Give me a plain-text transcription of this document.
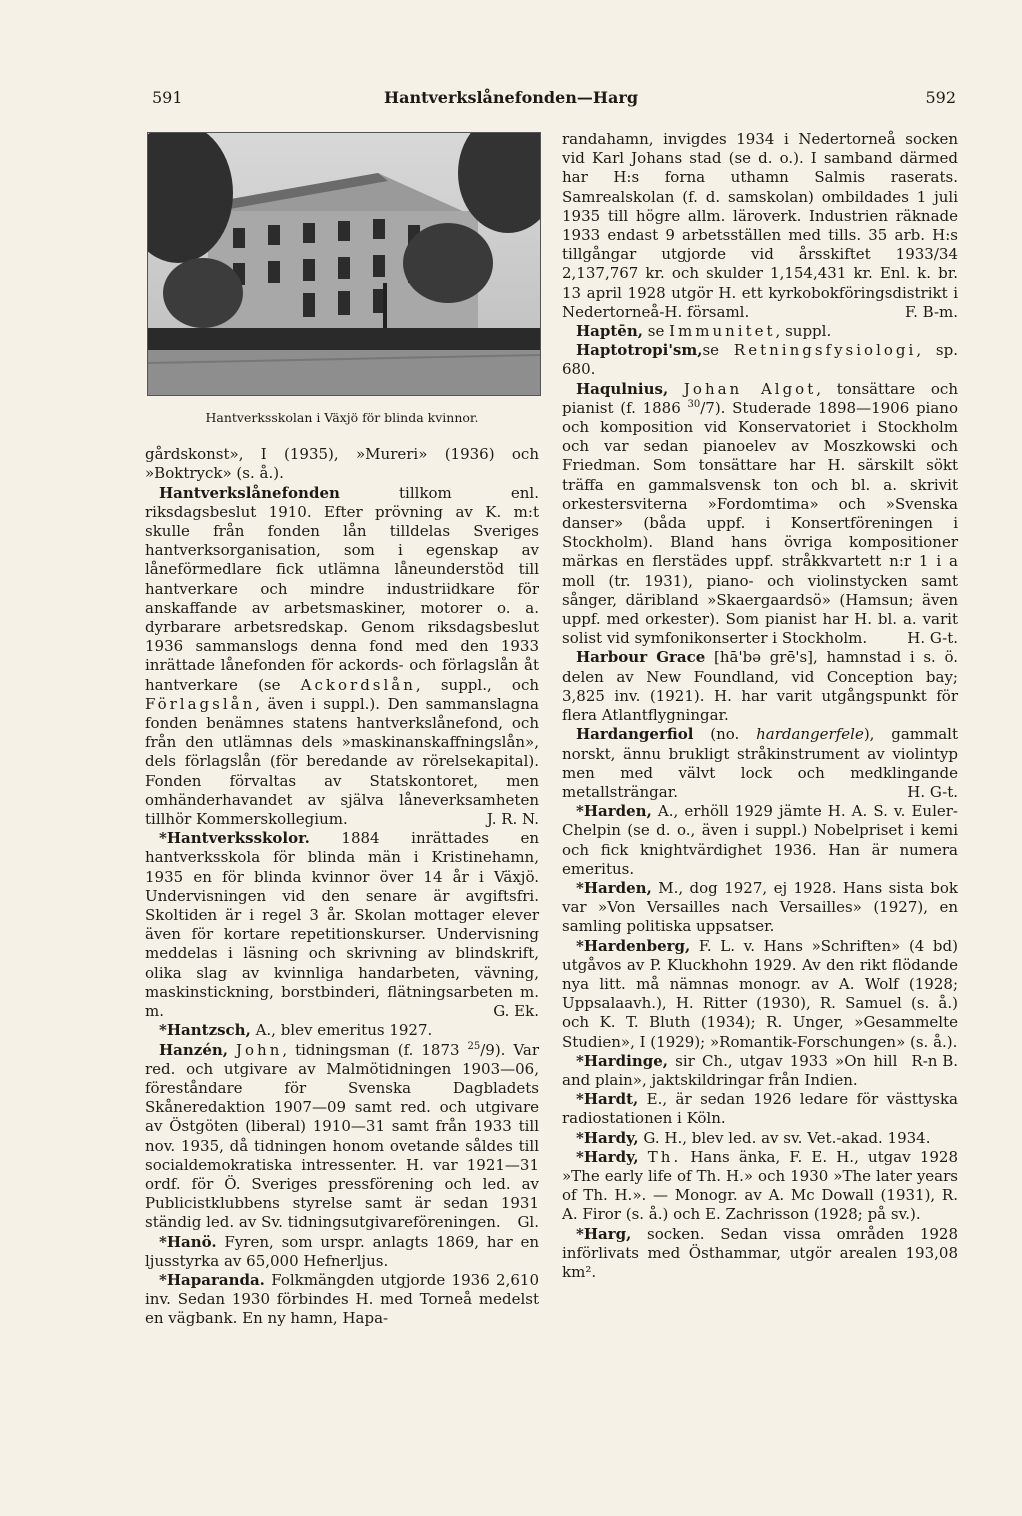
591	Hantverkslånefonden—Harg	592
Hantverksskolan i Växjö för blinda kvinnor.

gårdskonst», I (1935), »Mureri» (1936) och »Boktryck» (s. å.).

Hantverkslånefonden tillkom enl. riksdagsbeslut 1910. Efter prövning av K. m:t skulle från fonden lån tilldelas Sveriges hantverksorganisation, som i egenskap av låneförmedlare fick utlämna låneunderstöd till hantverkare och mindre industriidkare för anskaffande av arbetsmaskiner, motorer o. a. dyrbarare arbetsredskap. Genom riksdagsbeslut 1936 sammanslogs denna fond med den 1933 inrättade lånefonden för ackords- och förlagslån åt hantverkare (se Ackordslån, suppl., och Förlagslån, även i suppl.). Den sammanslagna fonden benämnes statens hantverkslånefond, och från den utlämnas dels »maskinanskaffningslån», dels förlagslån (för beredande av rörelsekapital). Fonden förvaltas av Statskontoret, men omhänderhavandet av själva låneverksamheten tillhör Kommerskollegium.	J. R. N.

*Hantverksskolor. 1884 inrättades en hantverksskola för blinda män i Kristinehamn, 1935 en för blinda kvinnor över 14 år i Växjö. Undervisningen vid den senare är avgiftsfri. Skoltiden är i regel 3 år. Skolan mottager elever även för kortare repetitionskurser. Undervisning meddelas i läsning och skrivning av blindskrift, olika slag av kvinnliga handarbeten, vävning, maskinstickning, borstbinderi, flätningsarbeten m. m.	G. Ek.

*Hantzsch, A., blev emeritus 1927.

Hanzén, John, tidningsman (f. 1873 $^{25}$/9). Var red. och utgivare av Malmötidningen 1903—06, föreståndare för Svenska Dagbladets Skåneredaktion 1907—09 samt red. och utgivare av Östgöten (liberal) 1910—31 samt från 1933 till nov. 1935, då tidningen honom ovetande såldes till socialdemokratiska intressenter. H. var 1921—31 ordf. för Ö. Sveriges pressförening och led. av Publicistklubbens styrelse samt är sedan 1931 ständig led. av Sv. tidningsutgivareföreningen.	Gl.

*Hanö. Fyren, som urspr. anlagts 1869, har en ljusstyrka av 65,000 Hefnerljus.

*Haparanda. Folkmängden utgjorde 1936 2,610 inv. Sedan 1930 förbindes H. med Torneå medelst en vägbank. En ny hamn, Hapa-

randahamn, invigdes 1934 i Nedertorneå socken vid Karl Johans stad (se d. o.). I samband därmed har H:s forna uthamn Salmis raserats. Samrealskolan (f. d. samskolan) ombildades 1 juli 1935 till högre allm. läroverk. Industrien räknade 1933 endast 9 arbetsställen med tills. 35 arb. H:s tillgångar utgjorde vid årsskiftet 1933/34 2,137,767 kr. och skulder 1,154,431 kr. Enl. k. br. 13 april 1928 utgör H. ett kyrkobokföringsdistrikt i Nedertorneå-H. församl.	F. B-m.

Haptēn, se Immunitet, suppl.

Haptotropi'sm,se Retningsfysiologi, sp. 680.

Haqulnius, Johan Algot, tonsättare och pianist (f. 1886 $^{30}$/7). Studerade 1898—1906 piano och komposition vid Konservatoriet i Stockholm och var sedan pianoelev av Moszkowski och Friedman. Som tonsättare har H. särskilt sökt träffa en gammalsvensk ton och bl. a. skrivit orkestersviterna »Fordomtima» och »Svenska danser» (båda uppf. i Konsertföreningen i Stockholm). Bland hans övriga kompositioner märkas en flerstädes uppf. stråkkvartett n:r 1 i a moll (tr. 1931), piano- och violinstycken samt sånger, däribland »Skaergaardsö» (Hamsun; även uppf. med orkester). Som pianist har H. bl. a. varit solist vid symfonikonserter i Stockholm.	H. G-t.

Harbour Grace [hā'bə grē's], hamnstad i s. ö. delen av New Foundland, vid Conception bay; 3,825 inv. (1921). H. har varit utgångspunkt för flera Atlantflygningar.

Hardangerfiol (no. hardangerfele), gammalt norskt, ännu brukligt stråkinstrument av violintyp men med välvt lock och medklingande metallsträngar.	H. G-t.

*Harden, A., erhöll 1929 jämte H. A. S. v. Euler-Chelpin (se d. o., även i suppl.) Nobelpriset i kemi och fick knightvärdighet 1936. Han är numera emeritus.

*Harden, M., dog 1927, ej 1928. Hans sista bok var »Von Versailles nach Versailles» (1927), en samling politiska uppsatser.

*Hardenberg, F. L. v. Hans »Schriften» (4 bd) utgåvos av P. Kluckhohn 1929. Av den rikt flödande nya litt. må nämnas monogr. av A. Wolf (1928; Uppsalaavh.), H. Ritter (1930), R. Samuel (s. å.) och K. T. Bluth (1934); R. Unger, »Gesammelte Studien», I (1929); »Romantik-Forschungen» (s. å.).
R-n B.

*Hardinge, sir Ch., utgav 1933 »On hill and plain», jaktskildringar från Indien.

*Hardt, E., är sedan 1926 ledare för västtyska radiostationen i Köln.

*Hardy, G. H., blev led. av sv. Vet.-akad. 1934.

*Hardy, Th. Hans änka, F. E. H., utgav 1928 »The early life of Th. H.» och 1930 »The later years of Th. H.». — Monogr. av A. Mc Dowall (1931), R. A. Firor (s. å.) och E. Zachrisson (1928; på sv.).

*Harg, socken. Sedan vissa områden 1928 införlivats med Östhammar, utgör arealen 193,08 km².
